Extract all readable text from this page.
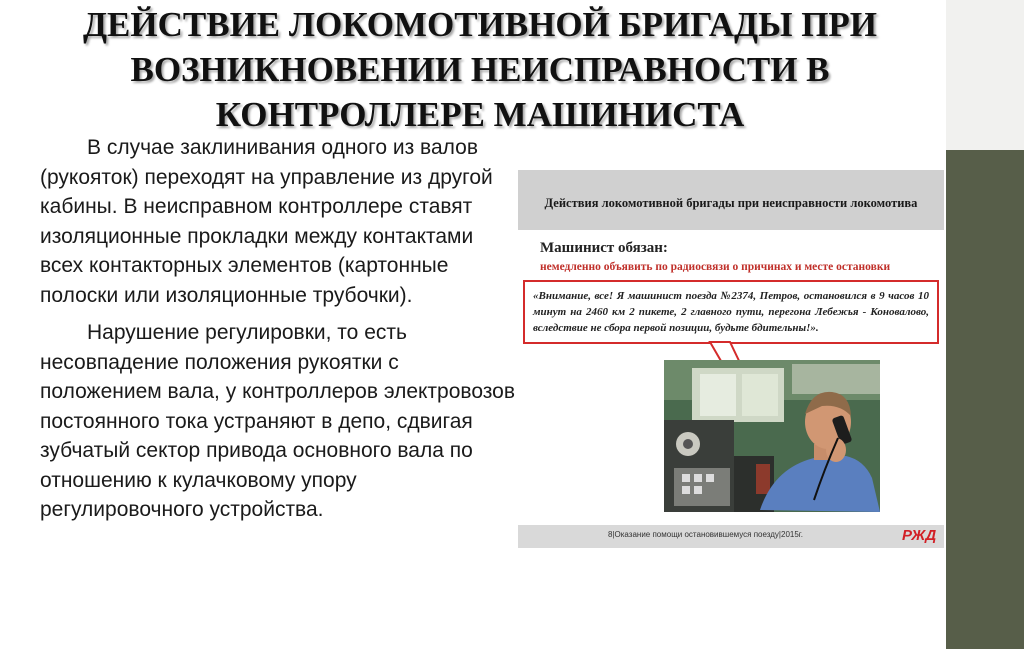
ДЕЙСТВИЕ ЛОКОМОТИВНОЙ БРИГАДЫ ПРИ ВОЗНИКНОВЕНИИ НЕИСПРАВНОСТИ В КОНТРОЛЛЕРЕ МАШИНИСТА

В случае заклинивания одного из валов (рукояток) переходят на управление из другой кабины. В неисправном контроллере ставят изоляционные прокладки между контактами всех контакторных элементов (картонные полоски или изоляционные трубочки).

Нарушение регулировки, то есть несовпадение положения рукоятки с положением вала, у контроллеров электровозов постоянного тока устраняют в депо, сдвигая зубчатый сектор привода основного вала по отношению к кулачковому упору регулировочного устройства.

Действия локомотивной бригады при неисправности локомотива
Машинист обязан:
немедленно объявить по радиосвязи о причинах и месте остановки
«Внимание, все! Я машинист поезда №2374, Петров, остановился в 9 часов 10 минут на 2460 км 2 пикете, 2 главного пути, перегона Лебежья - Коновалово, вследствие не сбора первой позиции, будьте бдительны!».
8|Оказание помощи остановившемуся поезду|2015г.	РЖД
